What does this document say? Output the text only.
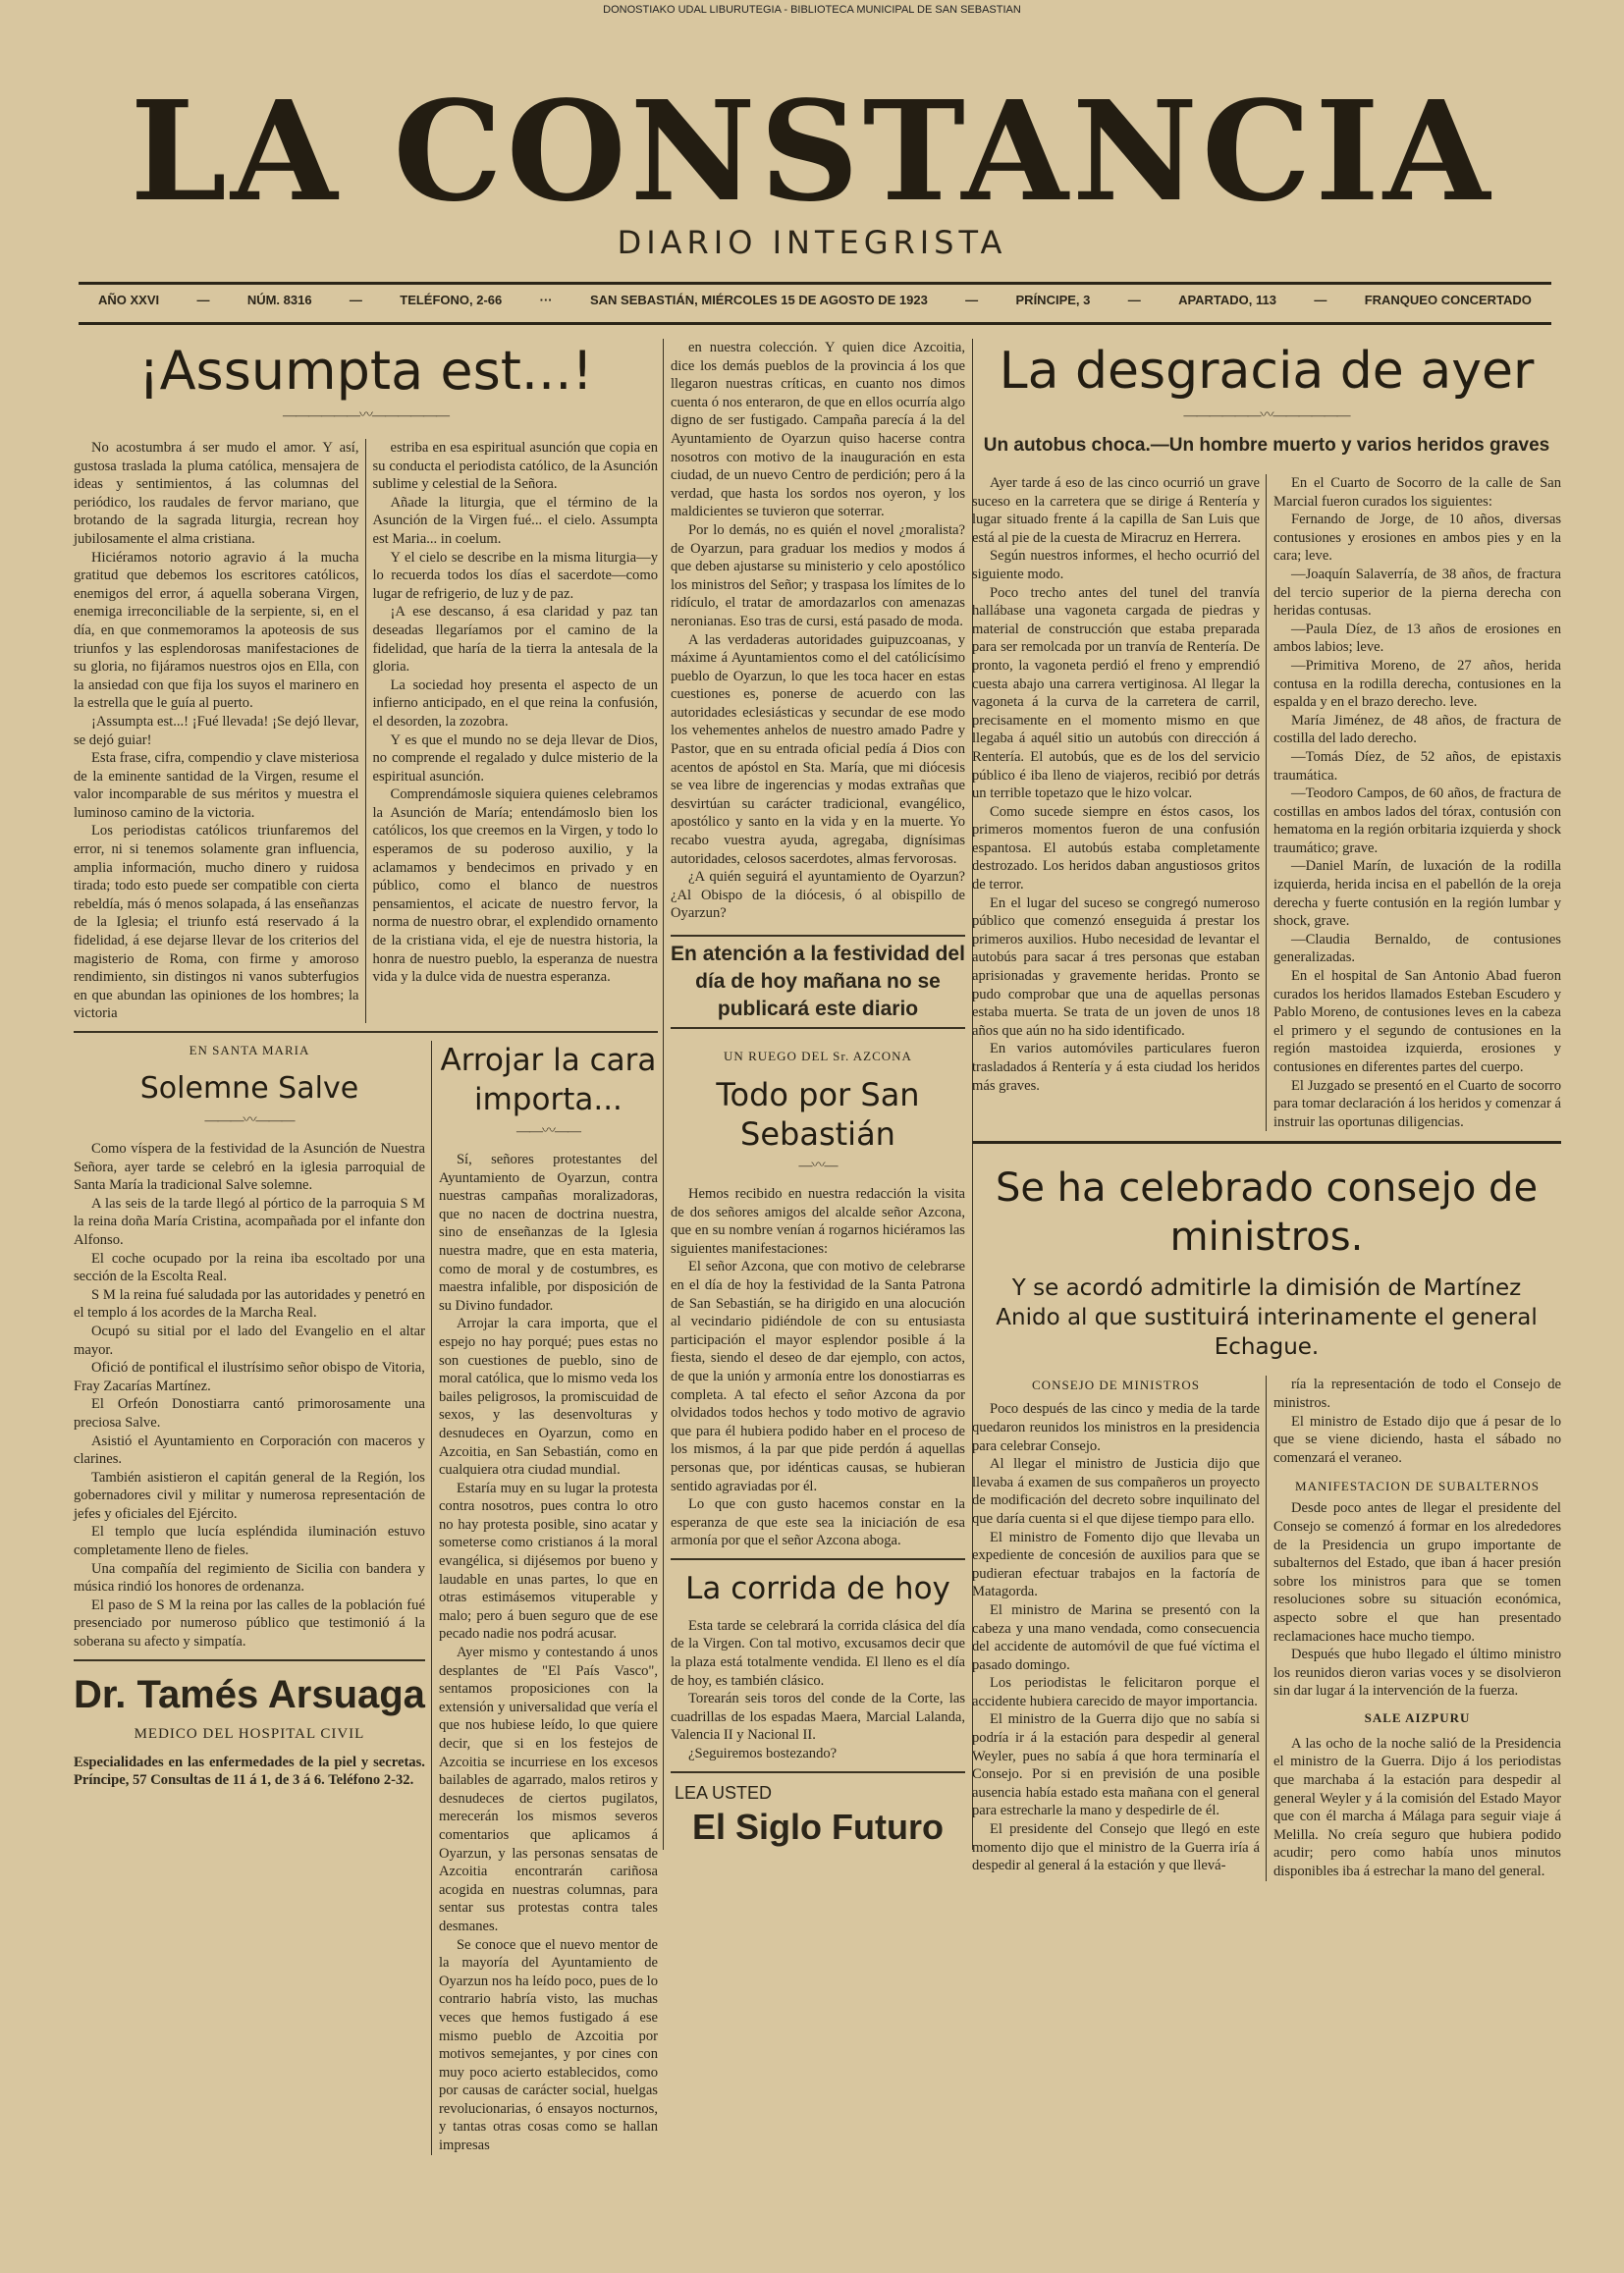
DONOSTIAKO UDAL LIBURUTEGIA - BIBLIOTECA MUNICIPAL DE SAN SEBASTIAN
LA CONSTANCIA
DIARIO INTEGRISTA
AÑO XXVI	—	NÚM. 8316	—	TELÉFONO, 2-66	···	SAN SEBASTIÁN, MIÉRCOLES 15 DE AGOSTO DE 1923	—	PRÍNCIPE, 3	—	APARTADO, 113	—	FRANQUEO CONCERTADO
¡Assumpta est...!
——————〰——————

No acostumbra á ser mudo el amor. Y así, gustosa traslada la pluma católica, mensajera de ideas y sentimientos, á las columnas del periódico, los raudales de fervor mariano, que brotando de la sagrada liturgia, recrean hoy jubilosamente el alma cristiana.

Hiciéramos notorio agravio á la mucha gratitud que debemos los escritores católicos, enemigos del error, á aquella soberana Virgen, enemiga irreconciliable de la serpiente, si, en el día, en que conmemoramos la apoteosis de sus triunfos y las esplendorosas manifestaciones de su gloria, no fijáramos nuestros ojos en Ella, con la ansiedad con que fija los suyos el marinero en la estrella que le guía al puerto.

¡Assumpta est...! ¡Fué llevada! ¡Se dejó llevar, se dejó guiar!

Esta frase, cifra, compendio y clave misteriosa de la eminente santidad de la Virgen, resume el valor incomparable de sus méritos y muestra el luminoso camino de la victoria.

Los periodistas católicos triunfaremos del error, ni si tenemos solamente gran influencia, amplia información, mucho dinero y ruidosa tirada; todo esto puede ser compatible con cierta rebeldía, más ó menos solapada, á las enseñanzas de la Iglesia; el triunfo está reservado á la fidelidad, á ese dejarse llevar de los criterios del magisterio de Roma, con firme y amoroso rendimiento, sin distingos ni vanos subterfugios en que abundan las opiniones de los hombres; la victoria

estriba en esa espiritual asunción que copia en su conducta el periodista católico, de la Asunción sublime y celestial de la Señora.

Añade la liturgia, que el término de la Asunción de la Virgen fué... el cielo. Assumpta est Maria... in coelum.

Y el cielo se describe en la misma liturgia—y lo recuerda todos los días el sacerdote—como lugar de refrigerio, de luz y de paz.

¡A ese descanso, á esa claridad y paz tan deseadas llegaríamos por el camino de la fidelidad, que haría de la tierra la antesala de la gloria.

La sociedad hoy presenta el aspecto de un infierno anticipado, en el que reina la confusión, el desorden, la zozobra.

Y es que el mundo no se deja llevar de Dios, no comprende el regalado y dulce misterio de la espiritual asunción.

Comprendámosle siquiera quienes celebramos la Asunción de María; entendámoslo bien los católicos, los que creemos en la Virgen, y todo lo esperamos de su poderoso auxilio, y la aclamamos y bendecimos en privado y en público, como el blanco de nuestros pensamientos, el acicate de nuestro fervor, la norma de nuestro obrar, el explendido ornamento de la cristiana vida, el eje de nuestra historia, la honra de nuestro pueblo, la esperanza de nuestra vida y la dulce vida de nuestra esperanza.

EN SANTA MARIA
Solemne Salve
———〰———

Como víspera de la festividad de la Asunción de Nuestra Señora, ayer tarde se celebró en la iglesia parroquial de Santa María la tradicional Salve solemne.

A las seis de la tarde llegó al pórtico de la parroquia S M la reina doña María Cristina, acompañada por el infante don Alfonso.

El coche ocupado por la reina iba escoltado por una sección de la Escolta Real.

S M la reina fué saludada por las autoridades y penetró en el templo á los acordes de la Marcha Real.

Ocupó su sitial por el lado del Evangelio en el altar mayor.

Ofició de pontifical el ilustrísimo señor obispo de Vitoria, Fray Zacarías Martínez.

El Orfeón Donostiarra cantó primorosamente una preciosa Salve.

Asistió el Ayuntamiento en Corporación con maceros y clarines.

También asistieron el capitán general de la Región, los gobernadores civil y militar y numerosa representación de jefes y oficiales del Ejército.

El templo que lucía espléndida iluminación estuvo completamente lleno de fieles.

Una compañía del regimiento de Sicilia con bandera y música rindió los honores de ordenanza.

El paso de S M la reina por las calles de la población fué presenciado por numeroso público que testimonió á la soberana su afecto y simpatía.

Dr. Tamés Arsuaga
MEDICO DEL HOSPITAL CIVIL
Especialidades en las enfermedades de la piel y secretas. Príncipe, 57 Consultas de 11 á 1, de 3 á 6. Teléfono 2-32.
Arrojar la cara importa...
——〰——

Sí, señores protestantes del Ayuntamiento de Oyarzun, contra nuestras campañas moralizadoras, que no nacen de doctrina nuestra, sino de enseñanzas de la Iglesia nuestra madre, que en esta materia, como de moral y de costumbres, es maestra infalible, por disposición de su Divino fundador.

Arrojar la cara importa, que el espejo no hay porqué; pues estas no son cuestiones de pueblo, sino de moral católica, que lo mismo veda los bailes peligrosos, la promiscuidad de sexos, y las desenvolturas y desnudeces en Oyarzun, como en Azcoitia, en San Sebastián, como en cualquiera otra ciudad mundial.

Estaría muy en su lugar la protesta contra nosotros, pues contra lo otro no hay protesta posible, sino acatar y someterse como cristianos á la moral evangélica, si dijésemos por bueno y laudable en unas partes, lo que en otras estimásemos vituperable y malo; pero á buen seguro que de ese pecado nadie nos podrá acusar.

Ayer mismo y contestando á unos desplantes de "El País Vasco", sentamos proposiciones con la extensión y universalidad que vería el que nos hubiese leído, lo que quiere decir, que si en los festejos de Azcoitia se incurriese en los excesos bailables de agarrado, malos retiros y desnudeces de ciertos pugilatos, merecerán los mismos severos comentarios que aplicamos á Oyarzun, y las personas sensatas de Azcoitia encontrarán cariñosa acogida en nuestras columnas, para sentar sus protestas contra tales desmanes.

Se conoce que el nuevo mentor de la mayoría del Ayuntamiento de Oyarzun nos ha leído poco, pues de lo contrario habría visto, las muchas veces que hemos fustigado á ese mismo pueblo de Azcoitia por motivos semejantes, y por cines con muy poco acierto establecidos, como por causas de carácter social, huelgas revolucionarias, ó ensayos nocturnos, y tantas otras cosas como se hallan impresas

en nuestra colección. Y quien dice Azcoitia, dice los demás pueblos de la provincia á los que llegaron nuestras críticas, en cuanto nos dimos cuenta ó nos enteraron, de que en ellos ocurría algo digno de ser fustigado. Campaña parecía á la del Ayuntamiento de Oyarzun quiso hacerse contra nosotros con motivo de la inauguración en esta ciudad, de un nuevo Centro de perdición; pero á la verdad, que hasta los sordos nos oyeron, y los maldicientes se tuvieron que soterrar.

Por lo demás, no es quién el novel ¿moralista? de Oyarzun, para graduar los medios y modos á que deben ajustarse su ministerio y celo apostólico los ministros del Señor; y traspasa los límites de lo ridículo, el tratar de amordazarlos con amenazas neronianas. Eso tras de cursi, está pasado de moda.

A las verdaderas autoridades guipuzcoanas, y máxime á Ayuntamientos como el del católicísimo pueblo de Oyarzun, lo que les toca hacer en estas cuestiones es, ponerse de acuerdo con las autoridades eclesiásticas y secundar de ese modo los vehementes anhelos de nuestro amado Padre y Pastor, que en su entrada oficial pedía á Dios con acentos de apóstol en Sta. María, que mi diócesis se vea libre de ingerencias y modas extrañas que desvirtúan su carácter tradicional, evangélico, apostólico y santo en la vida y en la muerte. Yo recabo vuestra ayuda, agregaba, dignísimas autoridades, celosos sacerdotes, almas fervorosas.

¿A quién seguirá el ayuntamiento de Oyarzun? ¿Al Obispo de la diócesis, ó al obispillo de Oyarzun?

En atención a la festividad del día de hoy mañana no se publicará este diario
UN RUEGO DEL Sr. AZCONA
Todo por San Sebastián
—〰—

Hemos recibido en nuestra redacción la visita de dos señores amigos del alcalde señor Azcona, que en su nombre venían á rogarnos hiciéramos las siguientes manifestaciones:

El señor Azcona, que con motivo de celebrarse en el día de hoy la festividad de la Santa Patrona de San Sebastián, se ha dirigido en una alocución al vecindario pidiéndole de con su entusiasta participación el mayor esplendor posible á la fiesta, siendo el deseo de dar ejemplo, con actos, de que la unión y armonía entre los donostiarras es completa. A tal efecto el señor Azcona da por olvidados todos hechos y todo motivo de agravio que para él hubiera podido haber en el proceso de los mismos, á la par que pide perdón á aquellas personas que, por idénticas causas, se hubieran sentido agraviadas por él.

Lo que con gusto hacemos constar en la esperanza de que este sea la iniciación de esa armonía por que el señor Azcona aboga.

La corrida de hoy

Esta tarde se celebrará la corrida clásica del día de la Virgen. Con tal motivo, excusamos decir que la plaza está totalmente vendida. El lleno es el día de hoy, es también clásico.

Torearán seis toros del conde de la Corte, las cuadrillas de los espadas Maera, Marcial Lalanda, Valencia II y Nacional II.

¿Seguiremos bostezando?

LEA USTED
El Siglo Futuro
La desgracia de ayer
——————〰——————
Un autobus choca.—Un hombre muerto y varios heridos graves

Ayer tarde á eso de las cinco ocurrió un grave suceso en la carretera que se dirige á Rentería y lugar situado frente á la capilla de San Luis que está al pie de la cuesta de Miracruz en Herrera.

Según nuestros informes, el hecho ocurrió del siguiente modo.

Poco trecho antes del tunel del tranvía hallábase una vagoneta cargada de piedras y material de construcción que estaba preparada para ser remolcada por un tranvía de Rentería. De pronto, la vagoneta perdió el freno y emprendió cuesta abajo una carrera vertiginosa. Al llegar la vagoneta á la curva de la carretera de carril, precisamente en el momento mismo en que llegaba á aquél sitio un autobús con dirección á Rentería. El autobús, que es de los del servicio público é iba lleno de viajeros, recibió por detrás un terrible topetazo que le hizo volcar.

Como sucede siempre en éstos casos, los primeros momentos fueron de una confusión espantosa. El autobús estaba completamente destrozado. Los heridos daban angustiosos gritos de terror.

En el lugar del suceso se congregó numeroso público que comenzó enseguida á prestar los primeros auxilios. Hubo necesidad de levantar el autobús para sacar á tres personas que estaban aprisionadas y gravemente heridas. Pronto se pudo comprobar que una de aquellas personas estaba muerta. Se trata de un joven de unos 18 años que aún no ha sido identificado.

En varios automóviles particulares fueron trasladados á Rentería y á esta ciudad los heridos más graves.

En el Cuarto de Socorro de la calle de San Marcial fueron curados los siguientes:

Fernando de Jorge, de 10 años, diversas contusiones y erosiones en ambos pies y en la cara; leve.

—Joaquín Salaverría, de 38 años, de fractura del tercio superior de la pierna derecha con heridas contusas.

—Paula Díez, de 13 años de erosiones en ambos labios; leve.

—Primitiva Moreno, de 27 años, herida contusa en la rodilla derecha, contusiones en la espalda y en el brazo derecho. leve.

María Jiménez, de 48 años, de fractura de costilla del lado derecho.

—Tomás Díez, de 52 años, de epistaxis traumática.

—Teodoro Campos, de 60 años, de fractura de costillas en ambos lados del tórax, contusión con hematoma en la región orbitaria izquierda y shock traumático; grave.

—Daniel Marín, de luxación de la rodilla izquierda, herida incisa en el pabellón de la oreja derecha y fuerte contusión en la región lumbar y shock, grave.

—Claudia Bernaldo, de contusiones generalizadas.

En el hospital de San Antonio Abad fueron curados los heridos llamados Esteban Escudero y Pablo Moreno, de contusiones leves en la cabeza el primero y el segundo de contusiones en la región mastoidea izquierda, erosiones y contusiones en diferentes partes del cuerpo.

El Juzgado se presentó en el Cuarto de socorro para tomar declaración á los heridos y comenzar á instruir las oportunas diligencias.

Se ha celebrado consejo de ministros.
Y se acordó admitirle la dimisión de Martínez Anido al que sustituirá interinamente el general Echague.
CONSEJO DE MINISTROS

Poco después de las cinco y media de la tarde quedaron reunidos los ministros en la presidencia para celebrar Consejo.

Al llegar el ministro de Justicia dijo que llevaba á examen de sus compañeros un proyecto de modificación del decreto sobre inquilinato del que daría cuenta si el que dijese tiempo para ello.

El ministro de Fomento dijo que llevaba un expediente de concesión de auxilios para que se pudieran efectuar trabajos en la factoría de Matagorda.

El ministro de Marina se presentó con la cabeza y una mano vendada, como consecuencia del accidente de automóvil de que fué víctima el pasado domingo.

Los periodistas le felicitaron porque el accidente hubiera carecido de mayor importancia.

El ministro de la Guerra dijo que no sabía si podría ir á la estación para despedir al general Weyler, pues no sabía á que hora terminaría el Consejo. Por si en previsión de una posible ausencia había estado esta mañana con el general para estrecharle la mano y despedirle de él.

El presidente del Consejo que llegó en este momento dijo que el ministro de la Guerra iría á despedir al general á la estación y que llevá-

ría la representación de todo el Consejo de ministros.

El ministro de Estado dijo que á pesar de lo que se viene diciendo, hasta el sábado no comenzará el veraneo.

MANIFESTACION DE SUBALTERNOS

Desde poco antes de llegar el presidente del Consejo se comenzó á formar en los alrededores de la Presidencia un grupo importante de subalternos del Estado, que iban á hacer presión sobre los ministros para que se tomen resoluciones sobre su situación económica, aspecto sobre el que han presentado reclamaciones hace mucho tiempo.

Después que hubo llegado el último ministro los reunidos dieron varias voces y se disolvieron sin dar lugar á la intervención de la fuerza.

SALE AIZPURU

A las ocho de la noche salió de la Presidencia el ministro de la Guerra. Dijo á los periodistas que marchaba á la estación para despedir al general Weyler y á la comisión del Estado Mayor que con él marcha á Málaga para seguir viaje á Melilla. No creía seguro que hubiera podido acudir; pero como había unos minutos disponibles iba á estrechar la mano del general.
